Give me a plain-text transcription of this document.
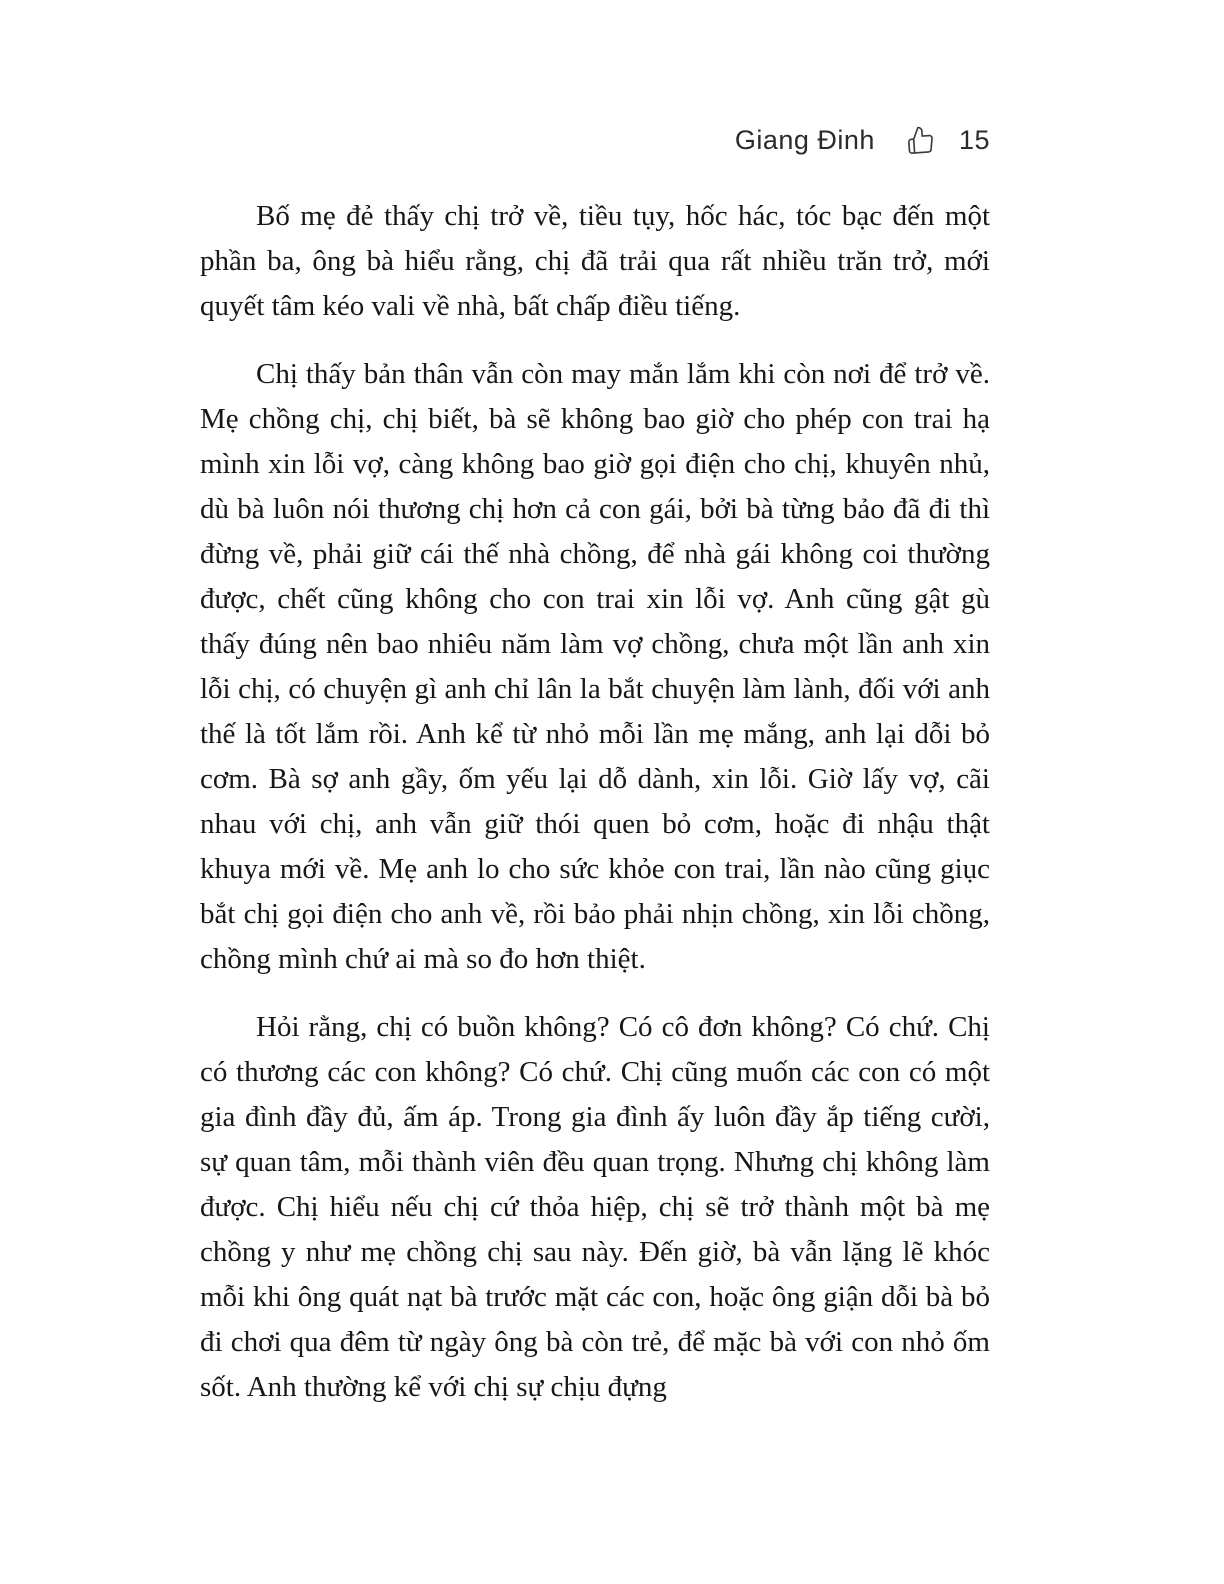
Giang Đinh	15

Bố mẹ đẻ thấy chị trở về, tiều tụy, hốc hác, tóc bạc đến một phần ba, ông bà hiểu rằng, chị đã trải qua rất nhiều trăn trở, mới quyết tâm kéo vali về nhà, bất chấp điều tiếng.

Chị thấy bản thân vẫn còn may mắn lắm khi còn nơi để trở về. Mẹ chồng chị, chị biết, bà sẽ không bao giờ cho phép con trai hạ mình xin lỗi vợ, càng không bao giờ gọi điện cho chị, khuyên nhủ, dù bà luôn nói thương chị hơn cả con gái, bởi bà từng bảo đã đi thì đừng về, phải giữ cái thế nhà chồng, để nhà gái không coi thường được, chết cũng không cho con trai xin lỗi vợ. Anh cũng gật gù thấy đúng nên bao nhiêu năm làm vợ chồng, chưa một lần anh xin lỗi chị, có chuyện gì anh chỉ lân la bắt chuyện làm lành, đối với anh thế là tốt lắm rồi. Anh kể từ nhỏ mỗi lần mẹ mắng, anh lại dỗi bỏ cơm. Bà sợ anh gầy, ốm yếu lại dỗ dành, xin lỗi. Giờ lấy vợ, cãi nhau với chị, anh vẫn giữ thói quen bỏ cơm, hoặc đi nhậu thật khuya mới về. Mẹ anh lo cho sức khỏe con trai, lần nào cũng giục bắt chị gọi điện cho anh về, rồi bảo phải nhịn chồng, xin lỗi chồng, chồng mình chứ ai mà so đo hơn thiệt.

Hỏi rằng, chị có buồn không? Có cô đơn không? Có chứ. Chị có thương các con không? Có chứ. Chị cũng muốn các con có một gia đình đầy đủ, ấm áp. Trong gia đình ấy luôn đầy ắp tiếng cười, sự quan tâm, mỗi thành viên đều quan trọng. Nhưng chị không làm được. Chị hiểu nếu chị cứ thỏa hiệp, chị sẽ trở thành một bà mẹ chồng y như mẹ chồng chị sau này. Đến giờ, bà vẫn lặng lẽ khóc mỗi khi ông quát nạt bà trước mặt các con, hoặc ông giận dỗi bà bỏ đi chơi qua đêm từ ngày ông bà còn trẻ, để mặc bà với con nhỏ ốm sốt. Anh thường kể với chị sự chịu đựng
